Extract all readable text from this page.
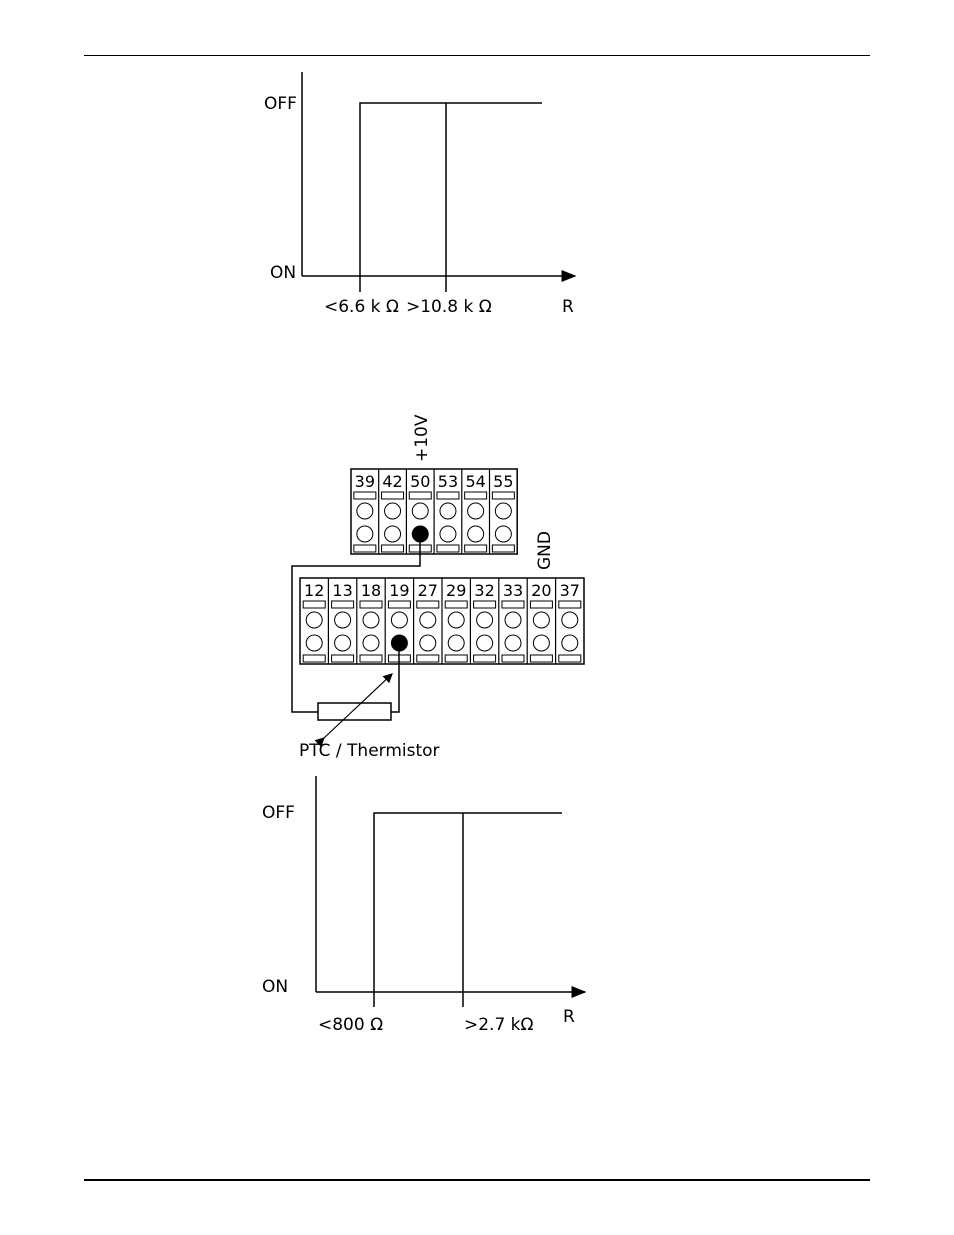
OFF
ON
<6.6 k Ω >10.8 k Ω	R
+10V
GND
39 42 50 53 54 55
12 13 18 19 27 29 32 33 20 37
PTC / Thermistor
OFF
ON
<800 Ω	>2.7 kΩ R
